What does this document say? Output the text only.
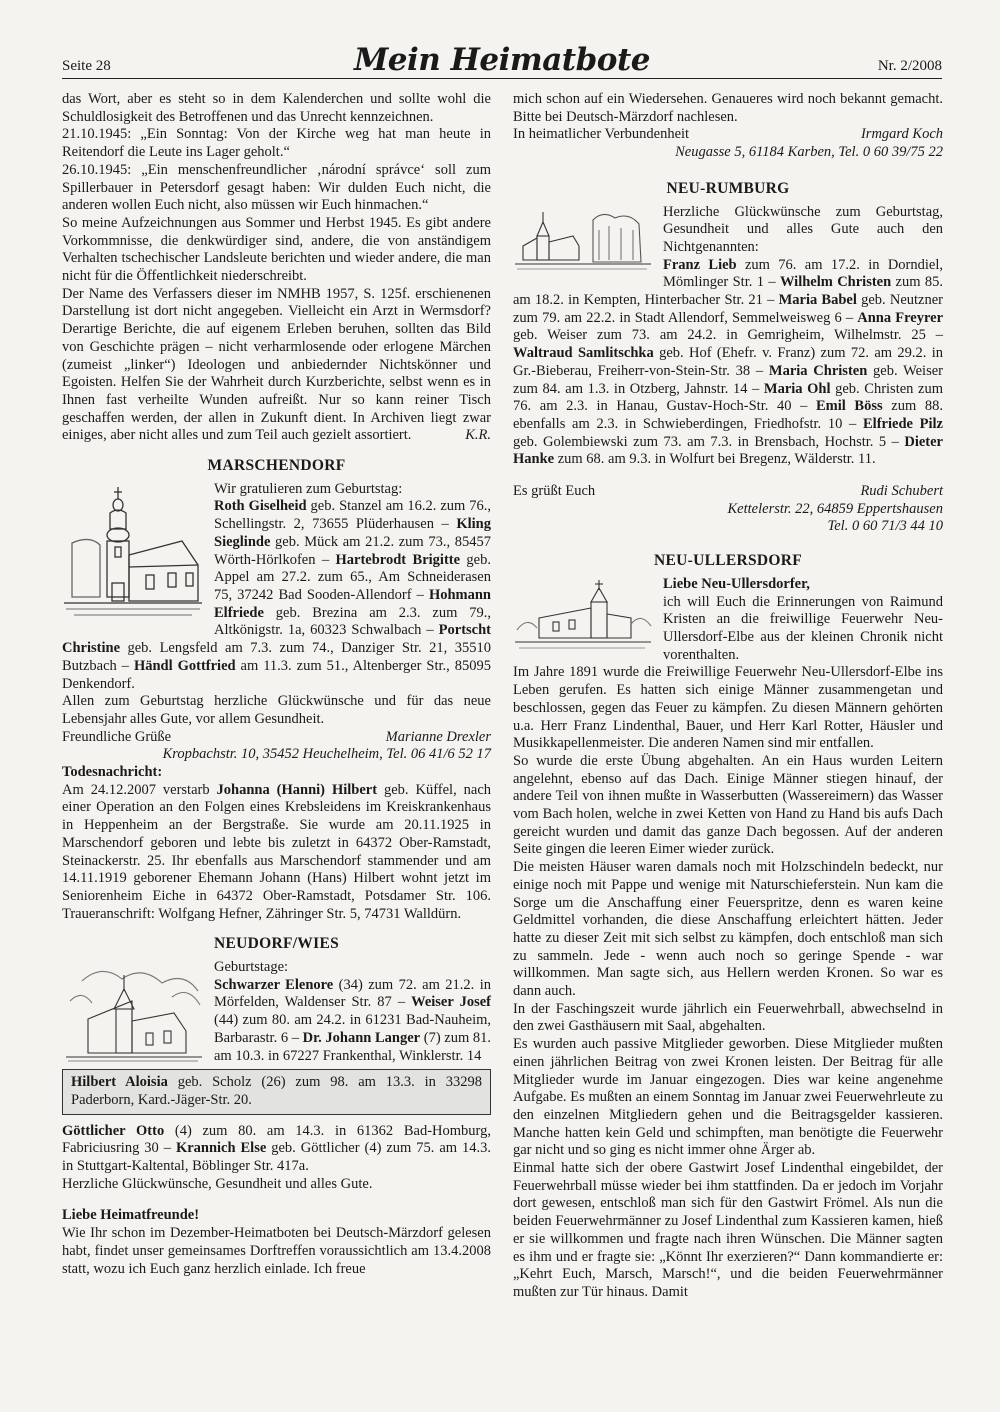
Seite 28	Mein Heimatbote	Nr. 2/2008

das Wort, aber es steht so in dem Kalenderchen und sollte wohl die Schuldlosigkeit des Betroffenen und das Unrecht kennzeichnen.

21.10.1945: „Ein Sonntag: Von der Kirche weg hat man heute in Reitendorf die Leute ins Lager geholt.“

26.10.1945: „Ein menschenfreundlicher ‚národní správce‘ soll zum Spillerbauer in Petersdorf gesagt haben: Wir dulden Euch nicht, die anderen wollen Euch nicht, also müssen wir Euch hinmachen.“

So meine Aufzeichnungen aus Sommer und Herbst 1945. Es gibt andere Vorkommnisse, die denkwürdiger sind, andere, die von anständigem Verhalten tschechischer Landsleute berichten und wieder andere, die man nicht für die Öffentlichkeit niederschreibt.

Der Name des Verfassers dieser im NMHB 1957, S. 125f. erschienenen Darstellung ist dort nicht angegeben. Vielleicht ein Arzt in Wermsdorf? Derartige Berichte, die auf eigenem Erleben beruhen, sollten das Bild von Geschichte prägen – nicht verharmlosende oder erlogene Märchen (zumeist „linker“) Ideologen und anbiedernder Nichtskönner und Egoisten. Helfen Sie der Wahrheit durch Kurzberichte, selbst wenn es in Ihnen fast verheilte Wunden aufreißt. Nur so kann reiner Tisch geschaffen werden, der allen in Zukunft dient. In Archiven liegt zwar einiges, aber nicht alles und zum Teil auch gezielt assortiert.	K.R.

MARSCHENDORF

Wir gratulieren zum Geburtstag:

Roth Giselheid geb. Stanzel am 16.2. zum 76., Schellingstr. 2, 73655 Plüderhausen – Kling Sieglinde geb. Mück am 21.2. zum 73., 85457 Wörth-Hörlkofen – Hartebrodt Brigitte geb. Appel am 27.2. zum 65., Am Schneiderasen 75, 37242 Bad Sooden-Allendorf – Hohmann Elfriede geb. Brezina am 2.3. zum 79., Altkönigstr. 1a, 60323 Schwalbach – Portscht Christine geb. Lengsfeld am 7.3. zum 74., Danziger Str. 21, 35510 Butzbach – Händl Gottfried am 11.3. zum 51., Altenberger Str., 85095 Denkendorf.

Allen zum Geburtstag herzliche Glückwünsche und für das neue Lebensjahr alles Gute, vor allem Gesundheit.

Freundliche Grüße	Marianne Drexler

Kropbachstr. 10, 35452 Heuchelheim, Tel. 06 41/6 52 17

Todesnachricht:

Am 24.12.2007 verstarb Johanna (Hanni) Hilbert geb. Küffel, nach einer Operation an den Folgen eines Krebsleidens im Kreiskrankenhaus in Heppenheim an der Bergstraße. Sie wurde am 20.11.1925 in Marschendorf geboren und lebte bis zuletzt in 64372 Ober-Ramstadt, Steinackerstr. 25. Ihr ebenfalls aus Marschendorf stammender und am 14.11.1919 geborener Ehemann Johann (Hans) Hilbert wohnt jetzt im Seniorenheim Eiche in 64372 Ober-Ramstadt, Potsdamer Str. 106. Traueranschrift: Wolfgang Hefner, Zähringer Str. 5, 74731 Walldürn.

NEUDORF/WIES

Geburtstage:

Schwarzer Elenore (34) zum 72. am 21.2. in Mörfelden, Waldenser Str. 87 – Weiser Josef (44) zum 80. am 24.2. in 61231 Bad-Nauheim, Barbarastr. 6 – Dr. Johann Langer (7) zum 81. am 10.3. in 67227 Frankenthal, Winklerstr. 14

Hilbert Aloisia geb. Scholz (26) zum 98. am 13.3. in 33298 Paderborn, Kard.-Jäger-Str. 20.

Göttlicher Otto (4) zum 80. am 14.3. in 61362 Bad-Homburg, Fabriciusring 30 – Krannich Else geb. Göttlicher (4) zum 75. am 14.3. in Stuttgart-Kaltental, Böblinger Str. 417a.

Herzliche Glückwünsche, Gesundheit und alles Gute.

Liebe Heimatfreunde!

Wie Ihr schon im Dezember-Heimatboten bei Deutsch-Märzdorf gelesen habt, findet unser gemeinsames Dorftreffen voraussichtlich am 13.4.2008 statt, wozu ich Euch ganz herzlich einlade. Ich freue

mich schon auf ein Wiedersehen. Genaueres wird noch bekannt gemacht. Bitte bei Deutsch-Märzdorf nachlesen.

In heimatlicher Verbundenheit	Irmgard Koch

Neugasse 5, 61184 Karben, Tel. 0 60 39/75 22

NEU-RUMBURG

Herzliche Glückwünsche zum Geburtstag, Gesundheit und alles Gute auch den Nichtgenannten:

Franz Lieb zum 76. am 17.2. in Dorndiel, Mömlinger Str. 1 – Wilhelm Christen zum 85. am 18.2. in Kempten, Hinterbacher Str. 21 – Maria Babel geb. Neutzner zum 79. am 22.2. in Stadt Allendorf, Semmelweisweg 6 – Anna Freyrer geb. Weiser zum 73. am 24.2. in Gemrigheim, Wilhelmstr. 25 – Waltraud Samlitschka geb. Hof (Ehefr. v. Franz) zum 72. am 29.2. in Gr.-Bieberau, Freiherr-von-Stein-Str. 38 – Maria Christen geb. Weiser zum 84. am 1.3. in Otzberg, Jahnstr. 14 – Maria Ohl geb. Christen zum 76. am 2.3. in Hanau, Gustav-Hoch-Str. 40 – Emil Böss zum 88. ebenfalls am 2.3. in Schwieberdingen, Friedhofstr. 10 – Elfriede Pilz geb. Golembiewski zum 73. am 7.3. in Brensbach, Hochstr. 5 – Dieter Hanke zum 68. am 9.3. in Wolfurt bei Bregenz, Wälderstr. 11.

Es grüßt Euch	Rudi Schubert

Kettelerstr. 22, 64859 Eppertshausen

Tel. 0 60 71/3 44 10

NEU-ULLERSDORF

Liebe Neu-Ullersdorfer,

ich will Euch die Erinnerungen von Raimund Kristen an die freiwillige Feuerwehr Neu-Ullersdorf-Elbe aus der kleinen Chronik nicht vorenthalten.

Im Jahre 1891 wurde die Freiwillige Feuerwehr Neu-Ullersdorf-Elbe ins Leben gerufen. Es hatten sich einige Männer zusammengetan und beschlossen, gegen das Feuer zu kämpfen. Zu diesen Männern gehörten u.a. Herr Franz Lindenthal, Bauer, und Herr Karl Rotter, Häusler und Musikkapellenmeister. Die anderen Namen sind mir entfallen.

So wurde die erste Übung abgehalten. An ein Haus wurden Leitern angelehnt, ebenso auf das Dach. Einige Männer stiegen hinauf, der andere Teil von ihnen mußte in Wasserbutten (Wassereimern) das Wasser vom Bach holen, welche in zwei Ketten von Hand zu Hand bis aufs Dach gereicht wurden und damit das ganze Dach begossen. Auf der anderen Seite gingen die leeren Eimer wieder zurück.

Die meisten Häuser waren damals noch mit Holzschindeln bedeckt, nur einige noch mit Pappe und wenige mit Naturschieferstein. Nun kam die Sorge um die Anschaffung einer Feuerspritze, denn es waren keine Geldmittel vorhanden, die diese Anschaffung erleichtert hätten. Jeder hatte zu dieser Zeit mit sich selbst zu kämpfen, doch entschloß man sich zu sammeln. Jede - wenn auch noch so geringe Spende - war willkommen. Man sagte sich, aus Hellern werden Kronen. So war es dann auch.

In der Faschingszeit wurde jährlich ein Feuerwehrball, abwechselnd in den zwei Gasthäusern mit Saal, abgehalten.

Es wurden auch passive Mitglieder geworben. Diese Mitglieder mußten einen jährlichen Beitrag von zwei Kronen leisten. Der Beitrag für alle Mitglieder wurde im Januar eingezogen. Dies war keine angenehme Aufgabe. Es mußten an einem Sonntag im Januar zwei Feuerwehrleute zu den einzelnen Mitgliedern gehen und die Beitragsgelder kassieren. Manche hatten kein Geld und schimpften, man benötigte die Feuerwehr gar nicht und so ging es nicht immer ohne Ärger ab.

Einmal hatte sich der obere Gastwirt Josef Lindenthal eingebildet, der Feuerwehrball müsse wieder bei ihm stattfinden. Da er jedoch im Vorjahr dort gewesen, entschloß man sich für den Gastwirt Frömel. Als nun die beiden Feuerwehrmänner zu Josef Lindenthal zum Kassieren kamen, hieß er sie willkommen und fragte nach ihren Wünschen. Die Männer sagten es ihm und er fragte sie: „Könnt Ihr exerzieren?“ Dann kommandierte er: „Kehrt Euch, Marsch, Marsch!“, und die beiden Feuerwehrmänner mußten zur Tür hinaus. Damit
